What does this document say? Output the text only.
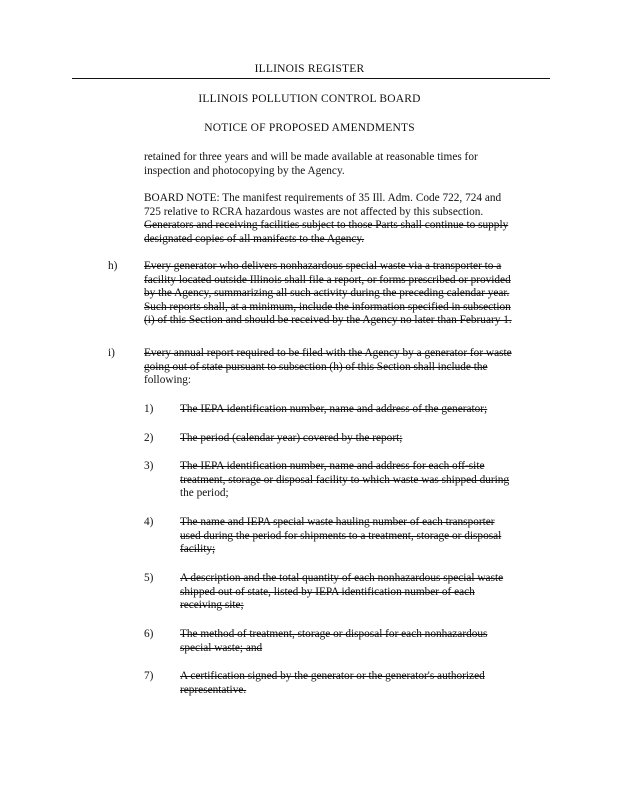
ILLINOIS REGISTER
ILLINOIS POLLUTION CONTROL BOARD
NOTICE OF PROPOSED AMENDMENTS

retained for three years and will be made available at reasonable times for

inspection and photocopying by the Agency.

BOARD NOTE: The manifest requirements of 35 Ill. Adm. Code 722, 724 and

725 relative to RCRA hazardous wastes are not affected by this subsection.

Generators and receiving facilities subject to those Parts shall continue to supply

designated copies of all manifests to the Agency.

h) Every generator who delivers nonhazardous special waste via a transporter to a

facility located outside Illinois shall file a report, or forms prescribed or provided

by the Agency, summarizing all such activity during the preceding calendar year.

Such reports shall, at a minimum, include the information specified in subsection

(i) of this Section and should be received by the Agency no later than February 1.

i)	Every annual report required to be filed with the Agency by a generator for waste

going out of state pursuant to subsection (h) of this Section shall include the

following:

1) The IEPA identification number, name and address of the generator;

2) The period (calendar year) covered by the report;

3) The IEPA identification number, name and address for each off-site

treatment, storage or disposal facility to which waste was shipped during

the period;

4) The name and IEPA special waste hauling number of each transporter

used during the period for shipments to a treatment, storage or disposal

facility;

5) A description and the total quantity of each nonhazardous special waste

shipped out of state, listed by IEPA identification number of each

receiving site;

6) The method of treatment, storage or disposal for each nonhazardous

special waste; and

7) A certification signed by the generator or the generator's authorized

representative.
